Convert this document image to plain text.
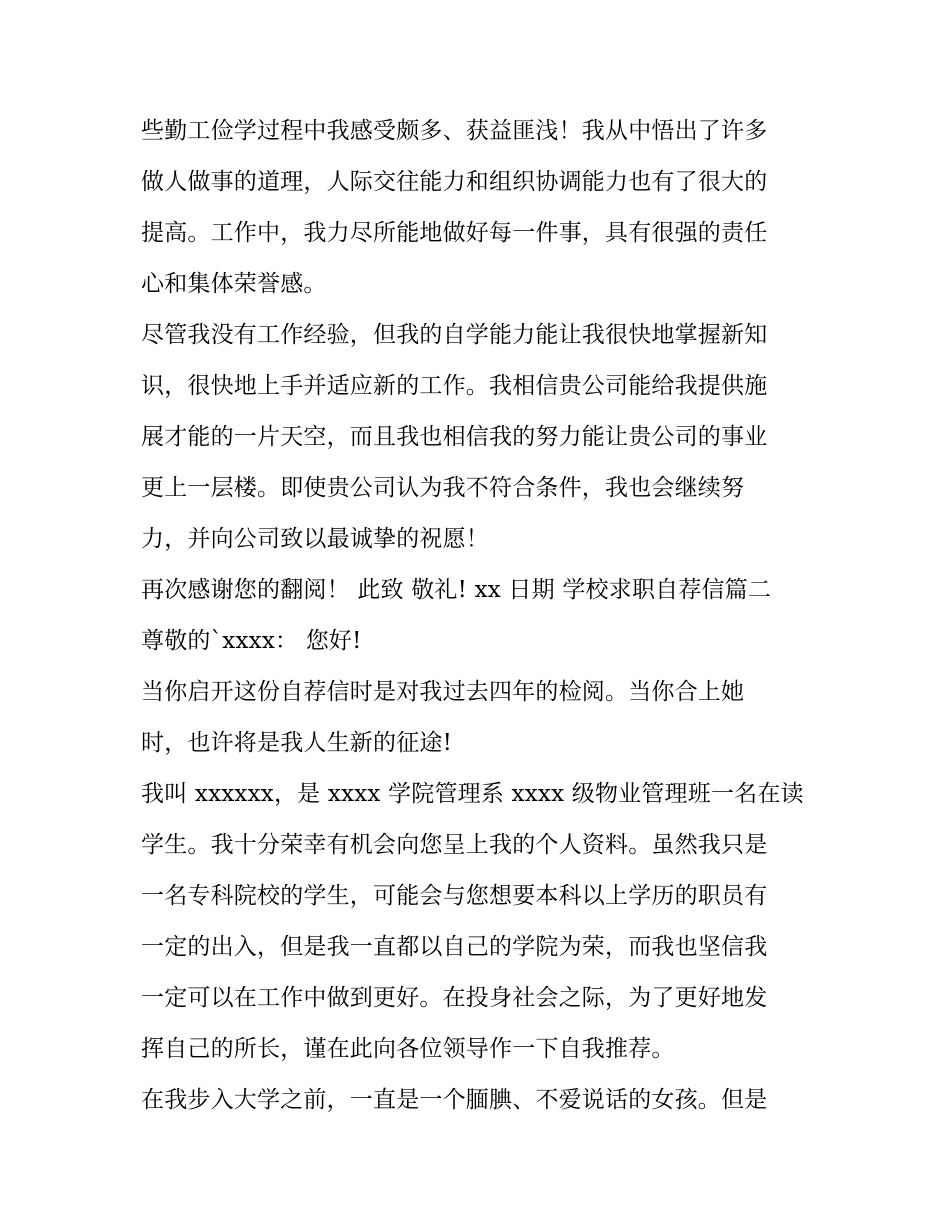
些勤工俭学过程中我感受颇多、获益匪浅！我从中悟出了许多

做人做事的道理，人际交往能力和组织协调能力也有了很大的

提高。工作中，我力尽所能地做好每一件事，具有很强的责任

心和集体荣誉感。

尽管我没有工作经验，但我的自学能力能让我很快地掌握新知

识，很快地上手并适应新的工作。我相信贵公司能给我提供施

展才能的一片天空，而且我也相信我的努力能让贵公司的事业

更上一层楼。即使贵公司认为我不符合条件，我也会继续努

力，并向公司致以最诚挚的祝愿！

再次感谢您的翻阅！ 此致 敬礼! xx 日期 学校求职自荐信篇二

尊敬的`xxxx： 您好!

当你启开这份自荐信时是对我过去四年的检阅。当你合上她

时，也许将是我人生新的征途!

我叫 xxxxxx，是 xxxx 学院管理系 xxxx 级物业管理班一名在读

学生。我十分荣幸有机会向您呈上我的个人资料。虽然我只是

一名专科院校的学生，可能会与您想要本科以上学历的职员有

一定的出入，但是我一直都以自己的学院为荣，而我也坚信我

一定可以在工作中做到更好。在投身社会之际，为了更好地发

挥自己的所长，谨在此向各位领导作一下自我推荐。

在我步入大学之前，一直是一个腼腆、不爱说话的女孩。但是
